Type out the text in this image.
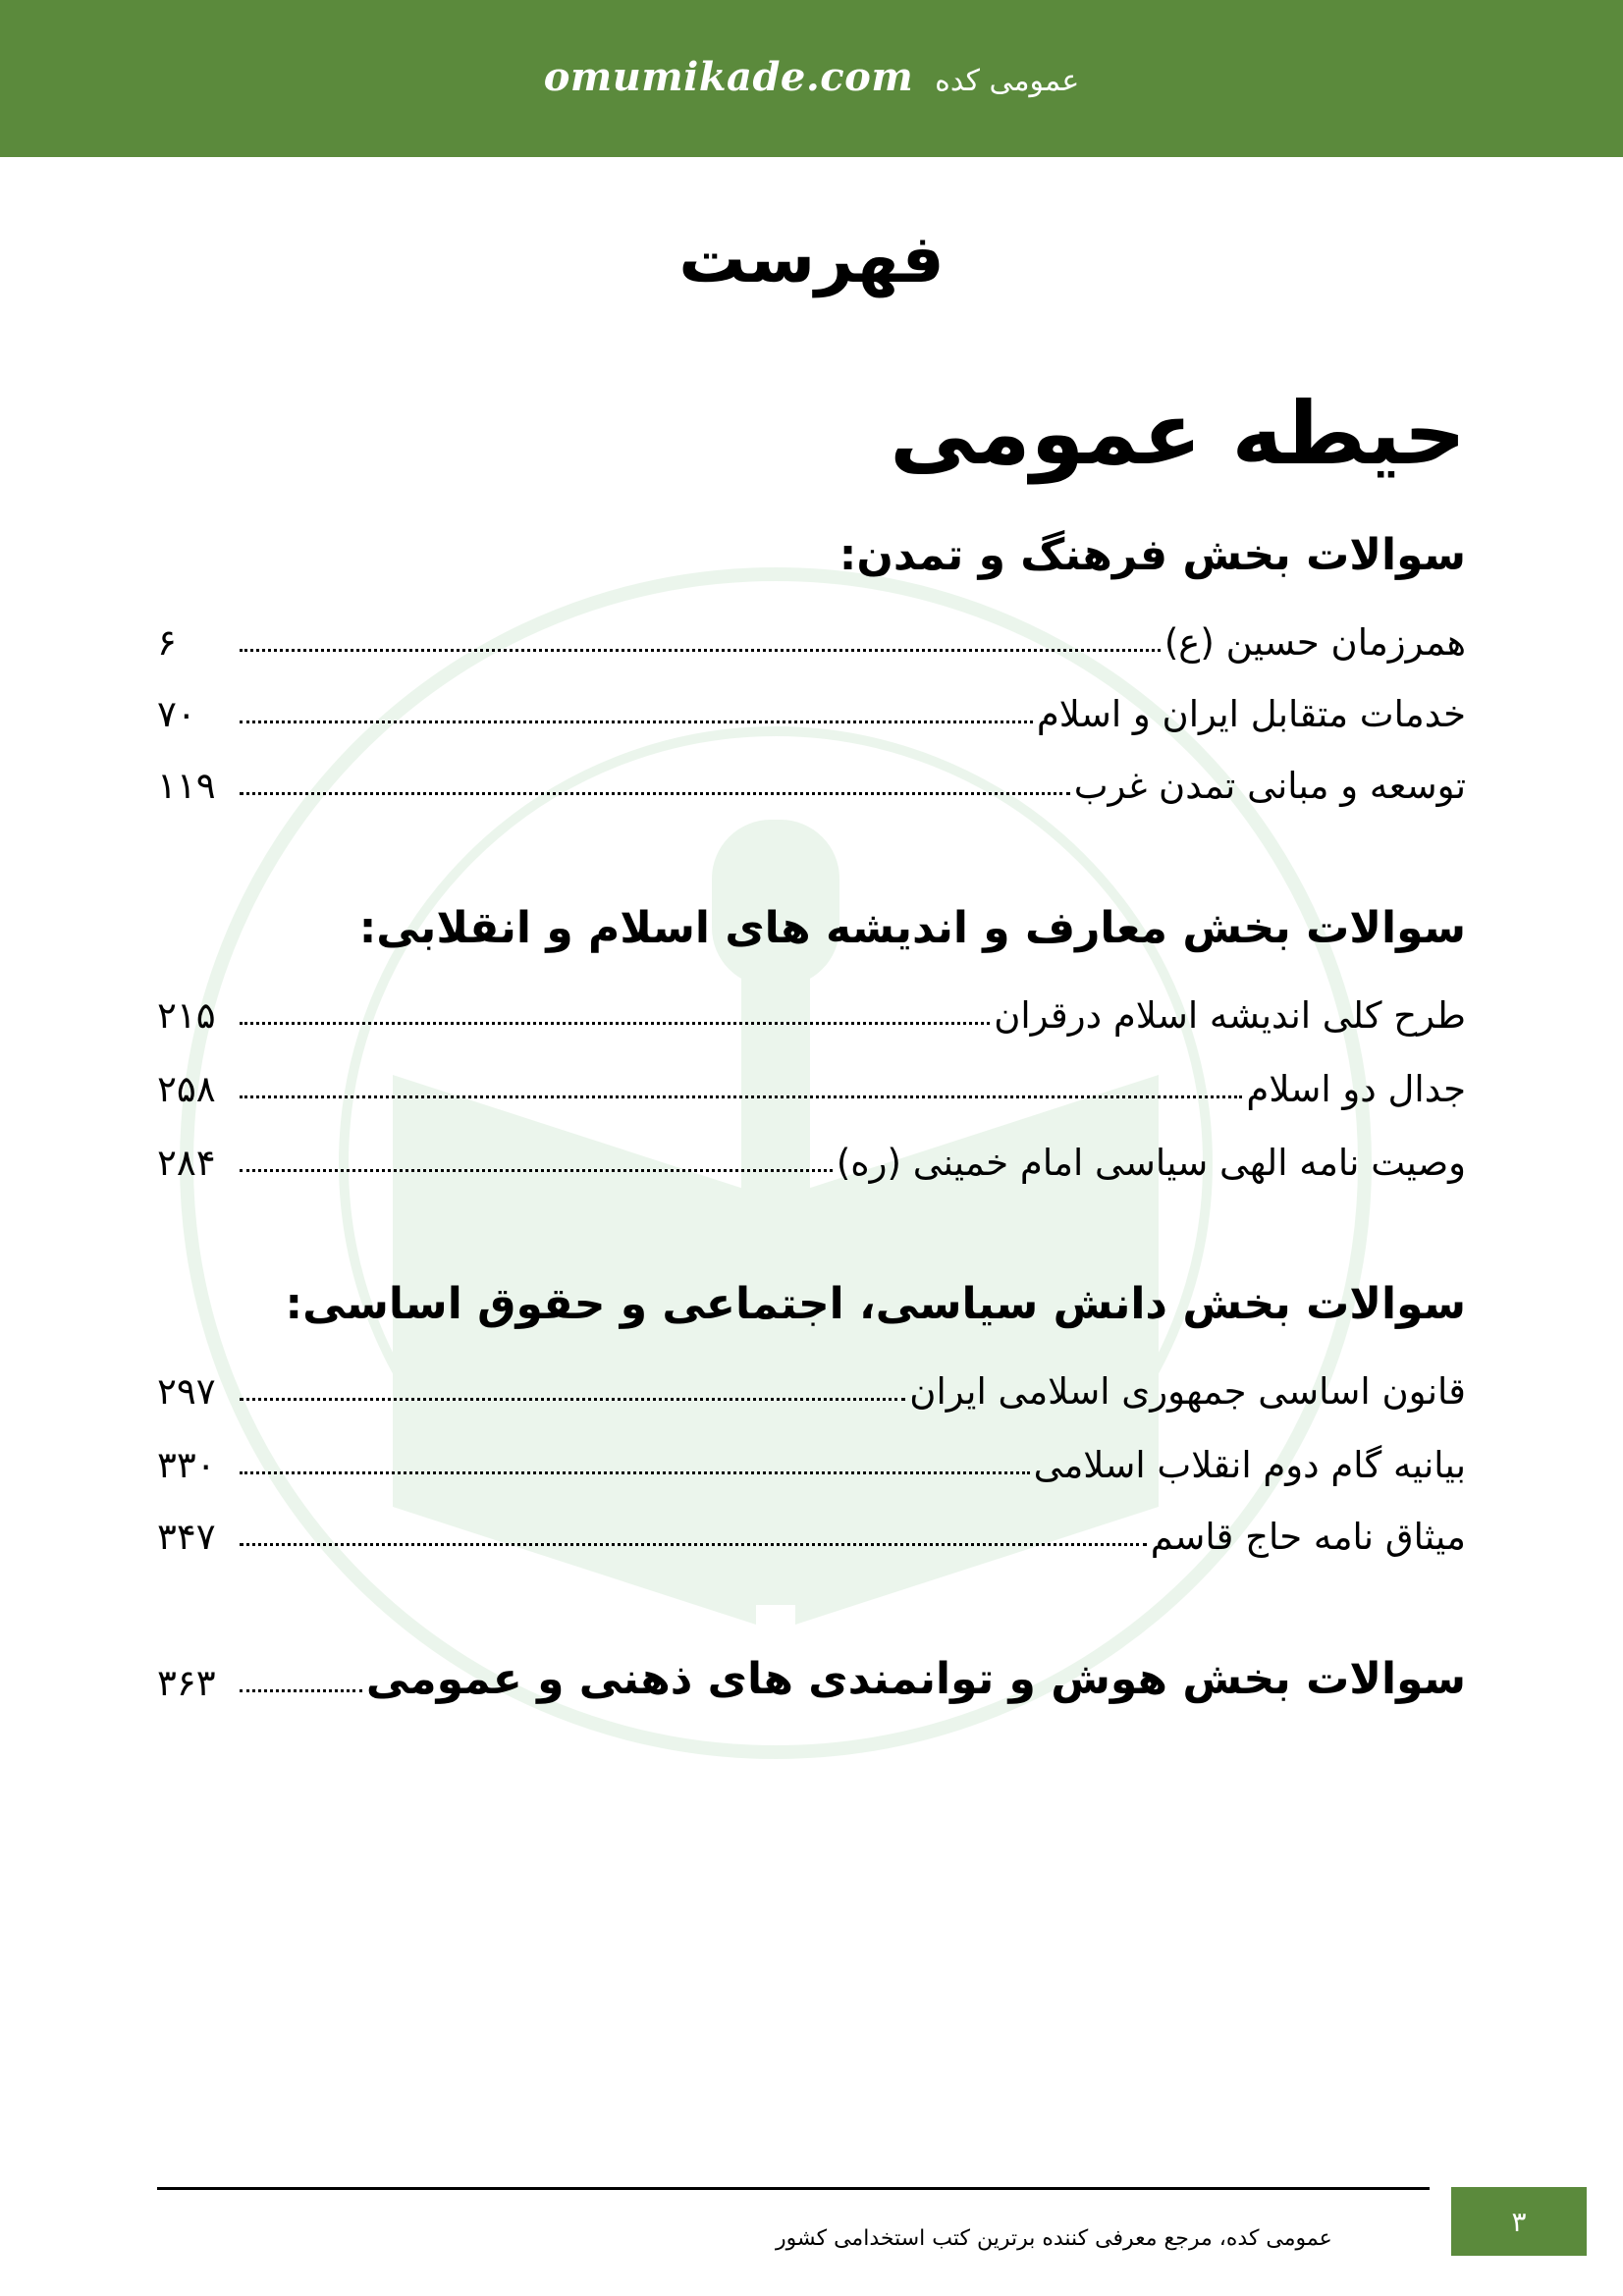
omumikade.com عمومی کده
فهرست
حیطه عمومی
سوالات بخش فرهنگ و تمدن:
همرزمان حسین (ع)
۶
خدمات متقابل ایران و اسلام
۷۰
توسعه و مبانی تمدن غرب
۱۱۹
سوالات بخش معارف و اندیشه های اسلام و انقلابی:
طرح کلی اندیشه اسلام درقران
۲۱۵
جدال دو اسلام
۲۵۸
وصیت نامه الهی سیاسی امام خمینی (ره)
۲۸۴
سوالات بخش دانش سیاسی، اجتماعی و حقوق اساسی:
قانون اساسی جمهوری اسلامی ایران
۲۹۷
بیانیه گام دوم انقلاب اسلامی
۳۳۰
میثاق نامه حاج قاسم
۳۴۷
سوالات بخش هوش و توانمندی های ذهنی و عمومی
۳۶۳
عمومی کده، مرجع معرفی کننده برترین کتب استخدامی کشور
۳
